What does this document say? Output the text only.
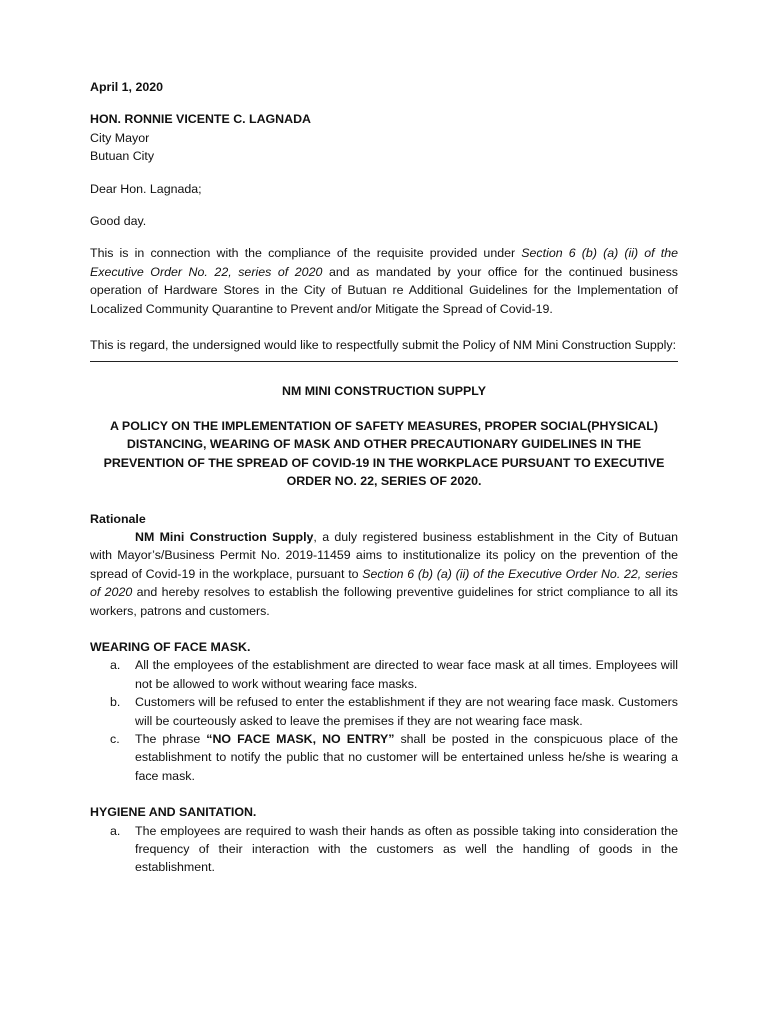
April 1, 2020

HON. RONNIE VICENTE C. LAGNADA

City Mayor

Butuan City

Dear Hon. Lagnada;

Good day.

This is in connection with the compliance of the requisite provided under Section 6 (b) (a) (ii) of the Executive Order No. 22, series of 2020 and as mandated by your office for the continued business operation of Hardware Stores in the City of Butuan re Additional Guidelines for the Implementation of Localized Community Quarantine to Prevent and/or Mitigate the Spread of Covid-19.

This is regard, the undersigned would like to respectfully submit the Policy of NM Mini Construction Supply:

NM MINI CONSTRUCTION SUPPLY

A POLICY ON THE IMPLEMENTATION OF SAFETY MEASURES, PROPER SOCIAL(PHYSICAL) DISTANCING, WEARING OF MASK AND OTHER PRECAUTIONARY GUIDELINES IN THE PREVENTION OF THE SPREAD OF COVID-19 IN THE WORKPLACE PURSUANT TO EXECUTIVE ORDER NO. 22, SERIES OF 2020.

Rationale

NM Mini Construction Supply, a duly registered business establishment in the City of Butuan with Mayor’s/Business Permit No. 2019-11459 aims to institutionalize its policy on the prevention of the spread of Covid-19 in the workplace, pursuant to Section 6 (b) (a) (ii) of the Executive Order No. 22, series of 2020 and hereby resolves to establish the following preventive guidelines for strict compliance to all its workers, patrons and customers.

WEARING OF FACE MASK.

a. All the employees of the establishment are directed to wear face mask at all times. Employees will not be allowed to work without wearing face masks.
b. Customers will be refused to enter the establishment if they are not wearing face mask. Customers will be courteously asked to leave the premises if they are not wearing face mask.
c. The phrase “NO FACE MASK, NO ENTRY” shall be posted in the conspicuous place of the establishment to notify the public that no customer will be entertained unless he/she is wearing a face mask.

HYGIENE AND SANITATION.

a. The employees are required to wash their hands as often as possible taking into consideration the frequency of their interaction with the customers as well the handling of goods in the establishment.
